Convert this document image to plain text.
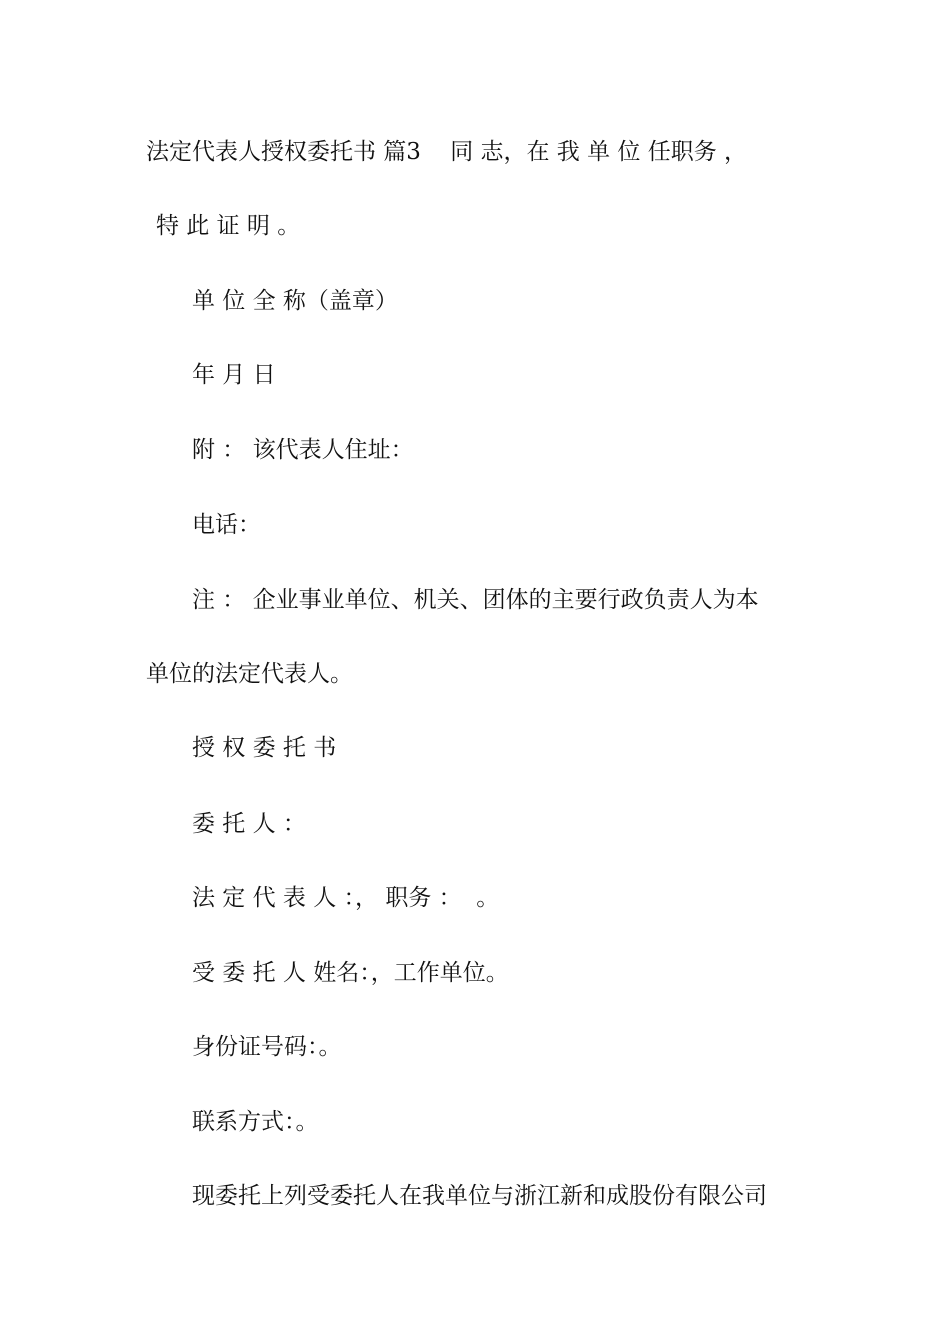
法定代表人授权委托书 篇3    同 志，在 我 单 位 任职务 ，

特 此 证 明 。

单 位 全 称（盖章）

年 月 日

附 ： 该代表人住址：

电话：

注 ： 企业事业单位、机关、团体的主要行政负责人为本

单位的法定代表人。

授 权 委 托 书

委 托 人 ：

法 定 代 表 人 ：， 职务 ：  。

受 委 托 人 姓名：，工作单位。

身份证号码：。

联系方式：。

现委托上列受委托人在我单位与浙江新和成股份有限公司
